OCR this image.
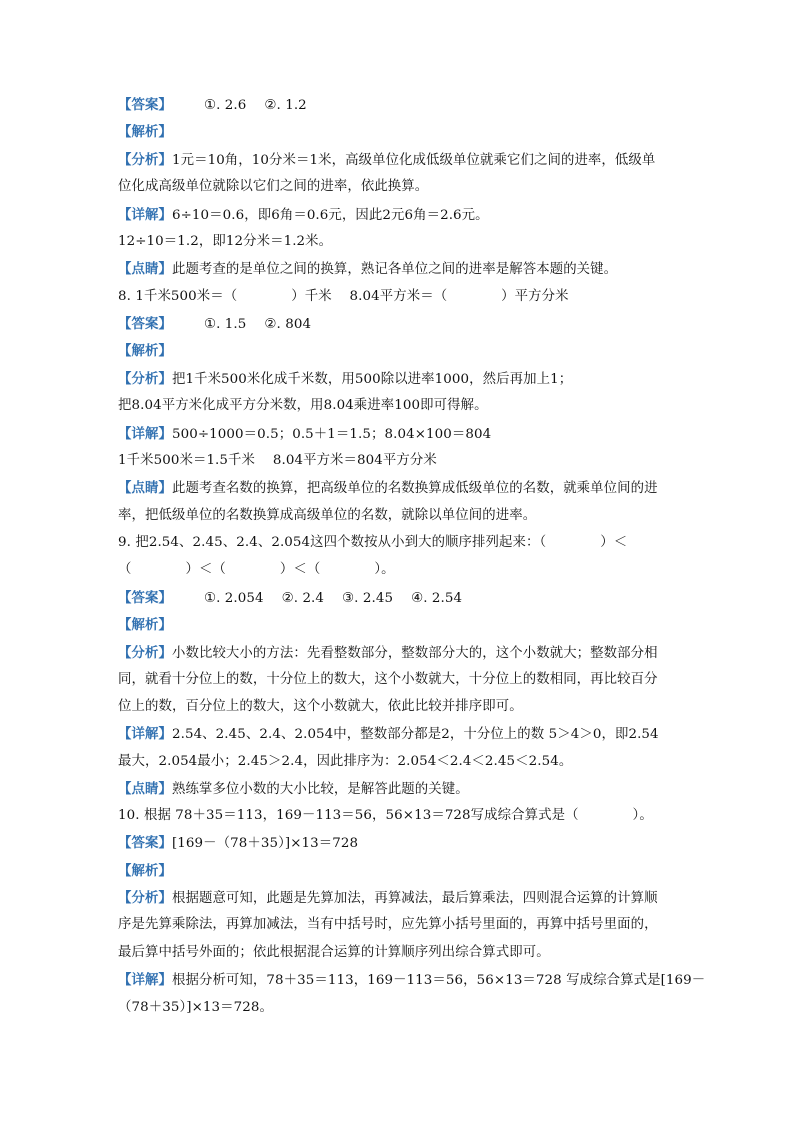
【答案】 ①. 2.6 ②. 1.2
【解析】
【分析】1元＝10角，10分米＝1米，高级单位化成低级单位就乘它们之间的进率，低级单
位化成高级单位就除以它们之间的进率，依此换算。
【详解】6÷10＝0.6，即6角＝0.6元，因此2元6角＝2.6元。
12÷10＝1.2，即12分米＝1.2米。
【点睛】此题考查的是单位之间的换算，熟记各单位之间的进率是解答本题的关键。
8. 1千米500米＝（　　　　）千米　 8.04平方米＝（　　　　）平方分米
【答案】 ①. 1.5 ②. 804
【解析】
【分析】把1千米500米化成千米数，用500除以进率1000，然后再加上1；
把8.04平方米化成平方分米数，用8.04乘进率100即可得解。
【详解】500÷1000＝0.5；0.5＋1＝1.5；8.04×100＝804
1千米500米＝1.5千米　 8.04平方米＝804平方分米
【点睛】此题考查名数的换算，把高级单位的名数换算成低级单位的名数，就乘单位间的进
率，把低级单位的名数换算成高级单位的名数，就除以单位间的进率。
9. 把2.54、2.45、2.4、2.054这四个数按从小到大的顺序排列起来：（　　　　）＜
（　　　　）＜（　　　　）＜（　　　　）。
【答案】 ①. 2.054 ②. 2.4 ③. 2.45 ④. 2.54
【解析】
【分析】小数比较大小的方法：先看整数部分，整数部分大的，这个小数就大；整数部分相
同，就看十分位上的数，十分位上的数大，这个小数就大，十分位上的数相同，再比较百分
位上的数，百分位上的数大，这个小数就大，依此比较并排序即可。
【详解】2.54、2.45、2.4、2.054中，整数部分都是2，十分位上的数 5＞4＞0，即2.54
最大，2.054最小；2.45＞2.4，因此排序为：2.054＜2.4＜2.45＜2.54。
【点睛】熟练掌多位小数的大小比较，是解答此题的关键。
10. 根据 78＋35＝113，169－113＝56，56×13＝728写成综合算式是（　　　　）。
【答案】[169－（78＋35）]×13＝728
【解析】
【分析】根据题意可知，此题是先算加法，再算减法，最后算乘法，四则混合运算的计算顺
序是先算乘除法，再算加减法，当有中括号时，应先算小括号里面的，再算中括号里面的，
最后算中括号外面的；依此根据混合运算的计算顺序列出综合算式即可。
【详解】根据分析可知，78＋35＝113，169－113＝56，56×13＝728 写成综合算式是[169－
（78＋35）]×13＝728。
